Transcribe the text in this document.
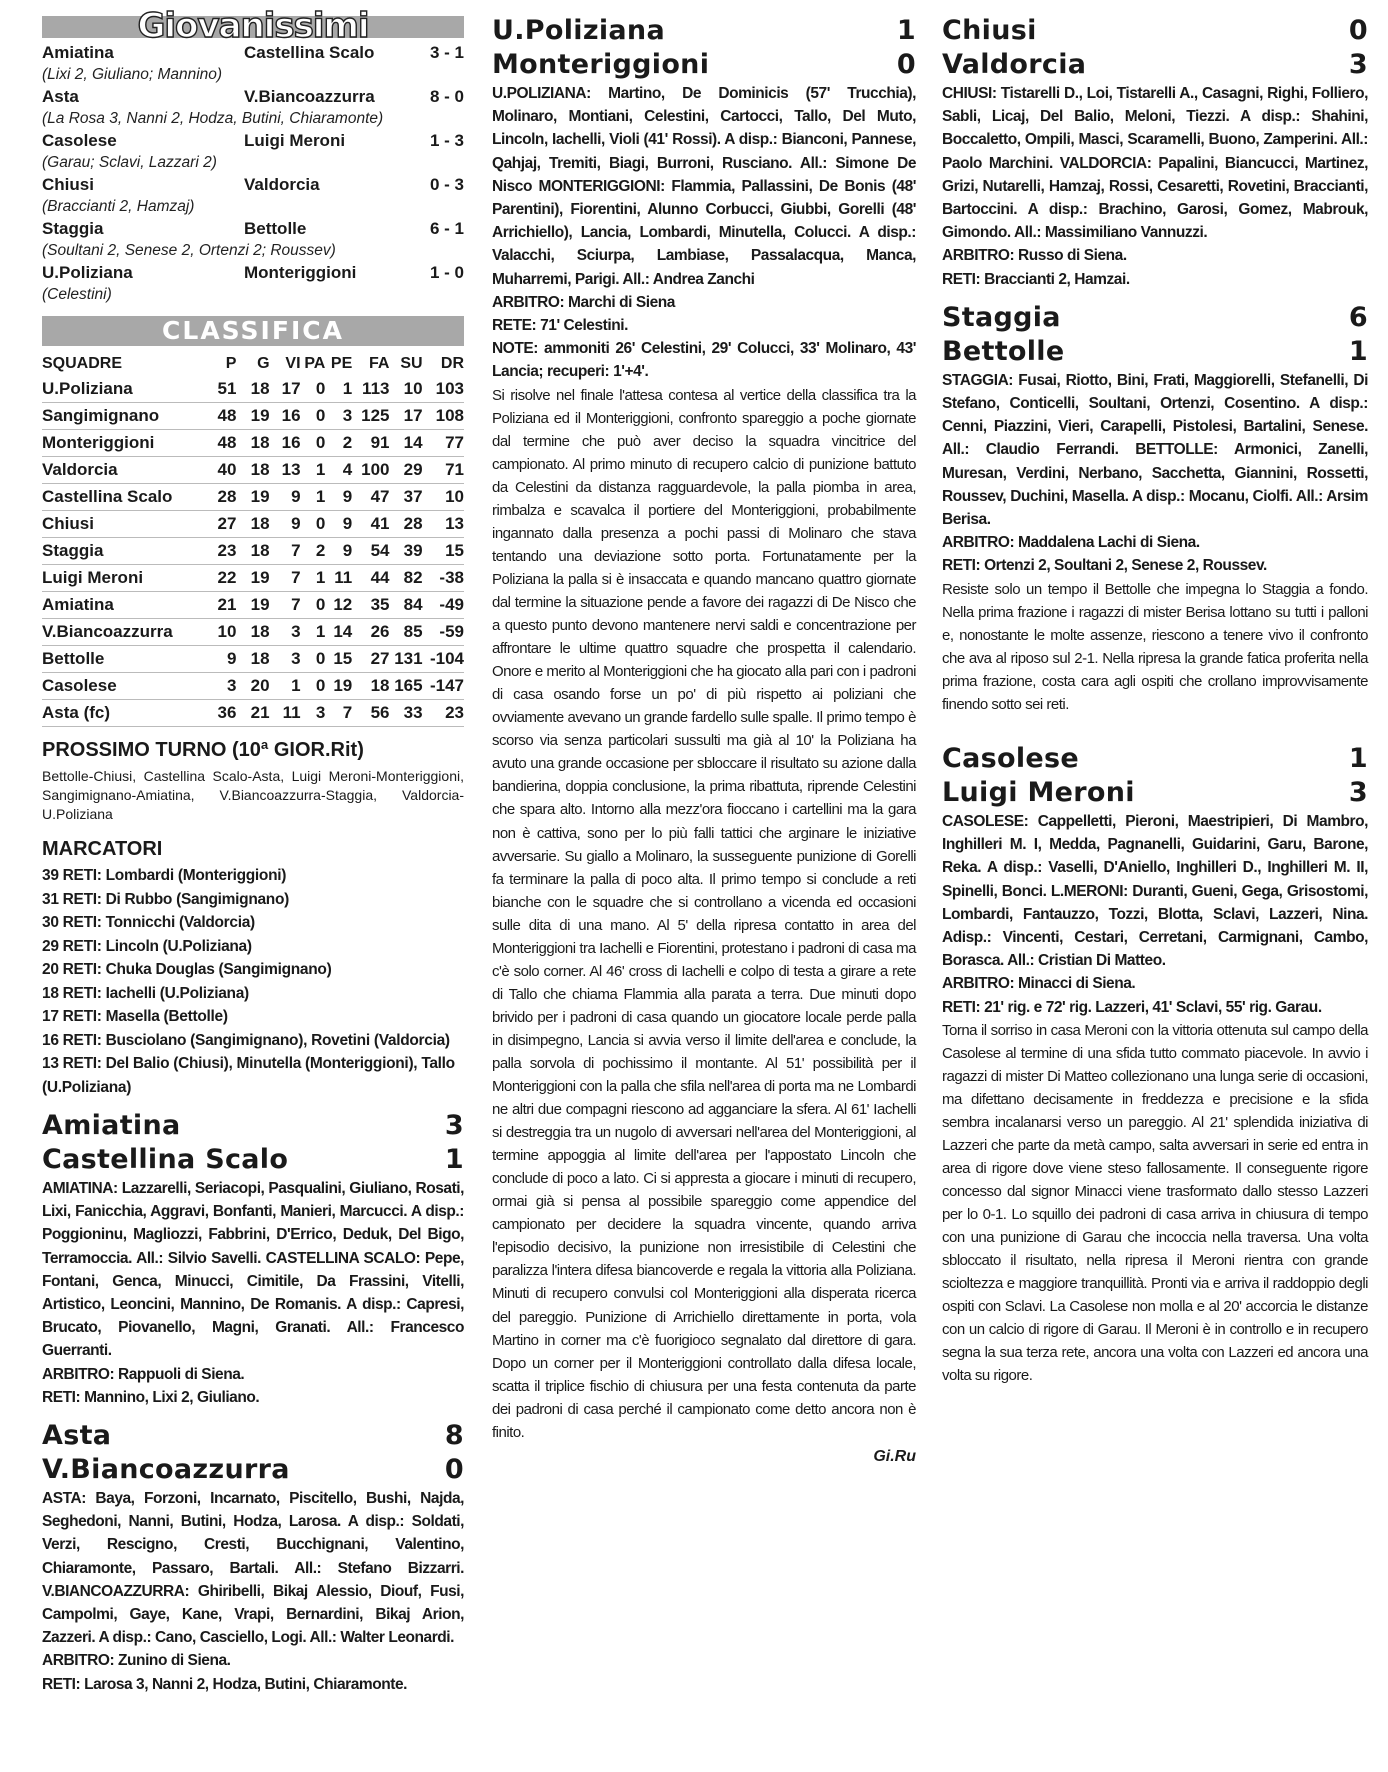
Giovanissimi
Amiatina	Castellina Scalo	3 - 1
(Lixi 2, Giuliano; Mannino)
Asta	V.Biancoazzurra	8 - 0
(La Rosa 3, Nanni 2, Hodza, Butini, Chiaramonte)
Casolese	Luigi Meroni	1 - 3
(Garau; Sclavi, Lazzari 2)
Chiusi	Valdorcia	0 - 3
(Braccianti 2, Hamzaj)
Staggia	Bettolle	6 - 1
(Soultani 2, Senese 2, Ortenzi 2; Roussev)
U.Poliziana	Monteriggioni	1 - 0
(Celestini)
CLASSIFICA
SQUADRE	P	G	VI	PA	PE	FA	SU	DR
U.Poliziana	51	18	17	0	1	113	10	103
Sangimignano	48	19	16	0	3	125	17	108
Monteriggioni	48	18	16	0	2	91	14	77
Valdorcia	40	18	13	1	4	100	29	71
Castellina Scalo	28	19	9	1	9	47	37	10
Chiusi	27	18	9	0	9	41	28	13
Staggia	23	18	7	2	9	54	39	15
Luigi Meroni	22	19	7	1	11	44	82	-38
Amiatina	21	19	7	0	12	35	84	-49
V.Biancoazzurra	10	18	3	1	14	26	85	-59
Bettolle	9	18	3	0	15	27	131	-104
Casolese	3	20	1	0	19	18	165	-147
Asta (fc)	36	21	11	3	7	56	33	23
PROSSIMO TURNO (10ª GIOR.Rit)
Bettolle-Chiusi, Castellina Scalo-Asta, Luigi Meroni-Monteriggioni, Sangimignano-Amiatina, V.Biancoazzurra-Staggia, Valdorcia-U.Poliziana
MARCATORI
39 RETI: Lombardi (Monteriggioni)
31 RETI: Di Rubbo (Sangimignano)
30 RETI: Tonnicchi (Valdorcia)
29 RETI: Lincoln (U.Poliziana)
20 RETI: Chuka Douglas (Sangimignano)
18 RETI: Iachelli (U.Poliziana)
17 RETI: Masella (Bettolle)
16 RETI: Busciolano (Sangimignano), Rovetini (Valdorcia)
13 RETI: Del Balio (Chiusi), Minutella (Monteriggioni), Tallo (U.Poliziana)
Amiatina	3
Castellina Scalo	1
AMIATINA: Lazzarelli, Seriacopi, Pasqualini, Giuliano, Rosati, Lixi, Fanicchia, Aggravi, Bonfanti, Manieri, Marcucci. A disp.: Poggioninu, Magliozzi, Fabbrini, D'Errico, Deduk, Del Bigo, Terramoccia. All.: Silvio Savelli. CASTELLINA SCALO: Pepe, Fontani, Genca, Minucci, Cimitile, Da Frassini, Vitelli, Artistico, Leoncini, Mannino, De Romanis. A disp.: Capresi, Brucato, Piovanello, Magni, Granati. All.: Francesco Guerranti.
ARBITRO: Rappuoli di Siena.
RETI: Mannino, Lixi 2, Giuliano.
Asta	8
V.Biancoazzurra	0
ASTA: Baya, Forzoni, Incarnato, Piscitello, Bushi, Najda, Seghedoni, Nanni, Butini, Hodza, Larosa. A disp.: Soldati, Verzi, Rescigno, Cresti, Bucchignani, Valentino, Chiaramonte, Passaro, Bartali. All.: Stefano Bizzarri. V.BIANCOAZZURRA: Ghiribelli, Bikaj Alessio, Diouf, Fusi, Campolmi, Gaye, Kane, Vrapi, Bernardini, Bikaj Arion, Zazzeri. A disp.: Cano, Casciello, Logi. All.: Walter Leonardi.
ARBITRO: Zunino di Siena.
RETI: Larosa 3, Nanni 2, Hodza, Butini, Chiaramonte.
U.Poliziana	1
Monteriggioni	0
U.POLIZIANA: Martino, De Dominicis (57' Trucchia), Molinaro, Montiani, Celestini, Cartocci, Tallo, Del Muto, Lincoln, Iachelli, Violi (41' Rossi). A disp.: Bianconi, Pannese, Qahjaj, Tremiti, Biagi, Burroni, Rusciano. All.: Simone De Nisco MONTERIGGIONI: Flammia, Pallassini, De Bonis (48' Parentini), Fiorentini, Alunno Corbucci, Giubbi, Gorelli (48' Arrichiello), Lancia, Lombardi, Minutella, Colucci. A disp.: Valacchi, Sciurpa, Lambiase, Passalacqua, Manca, Muharremi, Parigi. All.: Andrea Zanchi
ARBITRO: Marchi di Siena
RETE: 71' Celestini.
NOTE: ammoniti 26' Celestini, 29' Colucci, 33' Molinaro, 43' Lancia; recuperi: 1'+4'.
Si risolve nel finale l'attesa contesa al vertice della classifica tra la Poliziana ed il Monteriggioni, confronto spareggio a poche giornate dal termine che può aver deciso la squadra vincitrice del campionato. Al primo minuto di recupero calcio di punizione battuto da Celestini da distanza ragguardevole, la palla piomba in area, rimbalza e scavalca il portiere del Monteriggioni, probabilmente ingannato dalla presenza a pochi passi di Molinaro che stava tentando una deviazione sotto porta. Fortunatamente per la Poliziana la palla si è insaccata e quando mancano quattro giornate dal termine la situazione pende a favore dei ragazzi di De Nisco che a questo punto devono mantenere nervi saldi e concentrazione per affrontare le ultime quattro squadre che prospetta il calendario. Onore e merito al Monteriggioni che ha giocato alla pari con i padroni di casa osando forse un po' di più rispetto ai poliziani che ovviamente avevano un grande fardello sulle spalle. Il primo tempo è scorso via senza particolari sussulti ma già al 10' la Poliziana ha avuto una grande occasione per sbloccare il risultato su azione dalla bandierina, doppia conclusione, la prima ribattuta, riprende Celestini che spara alto. Intorno alla mezz'ora fioccano i cartellini ma la gara non è cattiva, sono per lo più falli tattici che arginare le iniziative avversarie. Su giallo a Molinaro, la susseguente punizione di Gorelli fa terminare la palla di poco alta. Il primo tempo si conclude a reti bianche con le squadre che si controllano a vicenda ed occasioni sulle dita di una mano. Al 5' della ripresa contatto in area del Monteriggioni tra Iachelli e Fiorentini, protestano i padroni di casa ma c'è solo corner. Al 46' cross di Iachelli e colpo di testa a girare a rete di Tallo che chiama Flammia alla parata a terra. Due minuti dopo brivido per i padroni di casa quando un giocatore locale perde palla in disimpegno, Lancia si avvia verso il limite dell'area e conclude, la palla sorvola di pochissimo il montante. Al 51' possibilità per il Monteriggioni con la palla che sfila nell'area di porta ma ne Lombardi ne altri due compagni riescono ad agganciare la sfera. Al 61' Iachelli si destreggia tra un nugolo di avversari nell'area del Monteriggioni, al termine appoggia al limite dell'area per l'appostato Lincoln che conclude di poco a lato. Ci si appresta a giocare i minuti di recupero, ormai già si pensa al possibile spareggio come appendice del campionato per decidere la squadra vincente, quando arriva l'episodio decisivo, la punizione non irresistibile di Celestini che paralizza l'intera difesa biancoverde e regala la vittoria alla Poliziana. Minuti di recupero convulsi col Monteriggioni alla disperata ricerca del pareggio. Punizione di Arrichiello direttamente in porta, vola Martino in corner ma c'è fuorigioco segnalato dal direttore di gara. Dopo un corner per il Monteriggioni controllato dalla difesa locale, scatta il triplice fischio di chiusura per una festa contenuta da parte dei padroni di casa perché il campionato come detto ancora non è finito.
Gi.Ru
Chiusi	0
Valdorcia	3
CHIUSI: Tistarelli D., Loi, Tistarelli A., Casagni, Righi, Folliero, Sabli, Licaj, Del Balio, Meloni, Tiezzi. A disp.: Shahini, Boccaletto, Ompili, Masci, Scaramelli, Buono, Zamperini. All.: Paolo Marchini. VALDORCIA: Papalini, Biancucci, Martinez, Grizi, Nutarelli, Hamzaj, Rossi, Cesaretti, Rovetini, Braccianti, Bartoccini. A disp.: Brachino, Garosi, Gomez, Mabrouk, Gimondo. All.: Massimiliano Vannuzzi.
ARBITRO: Russo di Siena.
RETI: Braccianti 2, Hamzai.
Staggia	6
Bettolle	1
STAGGIA: Fusai, Riotto, Bini, Frati, Maggiorelli, Stefanelli, Di Stefano, Conticelli, Soultani, Ortenzi, Cosentino. A disp.: Cenni, Piazzini, Vieri, Carapelli, Pistolesi, Bartalini, Senese. All.: Claudio Ferrandi. BETTOLLE: Armonici, Zanelli, Muresan, Verdini, Nerbano, Sacchetta, Giannini, Rossetti, Roussev, Duchini, Masella. A disp.: Mocanu, Ciolfi. All.: Arsim Berisa.
ARBITRO: Maddalena Lachi di Siena.
RETI: Ortenzi 2, Soultani 2, Senese 2, Roussev.
Resiste solo un tempo il Bettolle che impegna lo Staggia a fondo. Nella prima frazione i ragazzi di mister Berisa lottano su tutti i palloni e, nonostante le molte assenze, riescono a tenere vivo il confronto che ava al riposo sul 2-1. Nella ripresa la grande fatica proferita nella prima frazione, costa cara agli ospiti che crollano improvvisamente finendo sotto sei reti.
Casolese	1
Luigi Meroni	3
CASOLESE: Cappelletti, Pieroni, Maestripieri, Di Mambro, Inghilleri M. I, Medda, Pagnanelli, Guidarini, Garu, Barone, Reka. A disp.: Vaselli, D'Aniello, Inghilleri D., Inghilleri M. II, Spinelli, Bonci. L.MERONI: Duranti, Gueni, Gega, Grisostomi, Lombardi, Fantauzzo, Tozzi, Blotta, Sclavi, Lazzeri, Nina. Adisp.: Vincenti, Cestari, Cerretani, Carmignani, Cambo, Borasca. All.: Cristian Di Matteo.
ARBITRO: Minacci di Siena.
RETI: 21' rig. e 72' rig. Lazzeri, 41' Sclavi, 55' rig. Garau.
Torna il sorriso in casa Meroni con la vittoria ottenuta sul campo della Casolese al termine di una sfida tutto commato piacevole. In avvio i ragazzi di mister Di Matteo collezionano una lunga serie di occasioni, ma difettano decisamente in freddezza e precisione e la sfida sembra incalanarsi verso un pareggio. Al 21' splendida iniziativa di Lazzeri che parte da metà campo, salta avversari in serie ed entra in area di rigore dove viene steso fallosamente. Il conseguente rigore concesso dal signor Minacci viene trasformato dallo stesso Lazzeri per lo 0-1. Lo squillo dei padroni di casa arriva in chiusura di tempo con una punizione di Garau che incoccia nella traversa. Una volta sbloccato il risultato, nella ripresa il Meroni rientra con grande scioltezza e maggiore tranquillità. Pronti via e arriva il raddoppio degli ospiti con Sclavi. La Casolese non molla e al 20' accorcia le distanze con un calcio di rigore di Garau. Il Meroni è in controllo e in recupero segna la sua terza rete, ancora una volta con Lazzeri ed ancora una volta su rigore.
